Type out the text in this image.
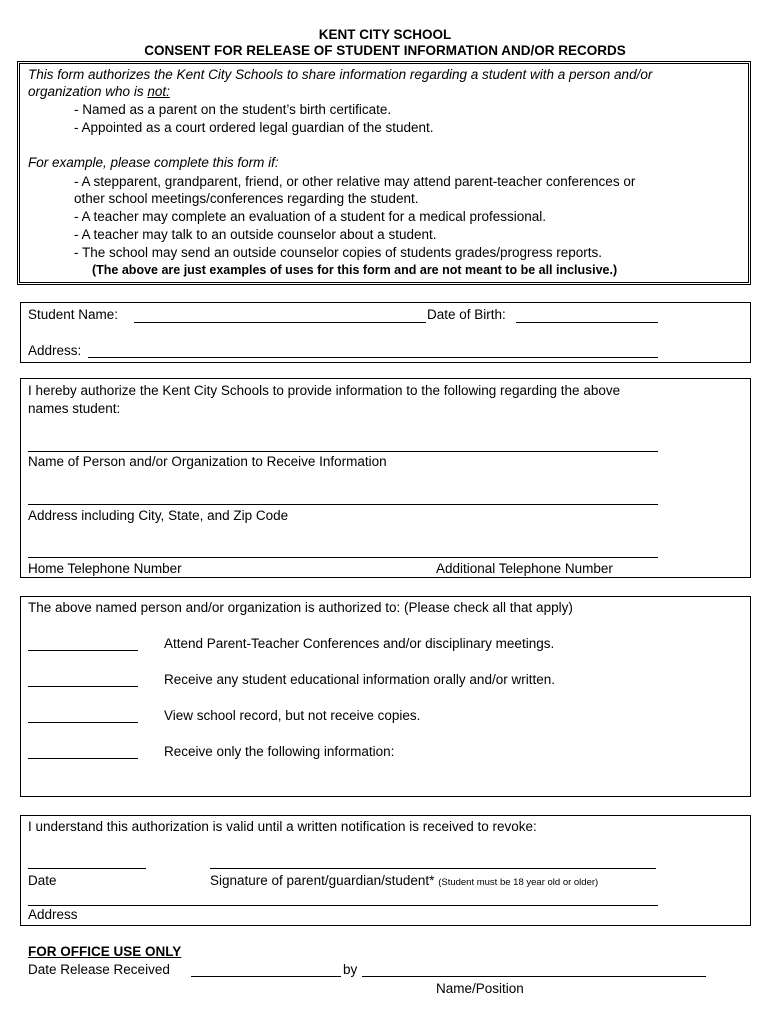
KENT CITY SCHOOL
CONSENT FOR RELEASE OF STUDENT INFORMATION AND/OR RECORDS
This form authorizes the Kent City Schools to share information regarding a student with a person and/or
organization who is not:
- Named as a parent on the student’s birth certificate.
- Appointed as a court ordered legal guardian of the student.
For example, please complete this form if:
- A stepparent, grandparent, friend, or other relative may attend parent-teacher conferences or
other school meetings/conferences regarding the student.
- A teacher may complete an evaluation of a student for a medical professional.
- A teacher may talk to an outside counselor about a student.
- The school may send an outside counselor copies of students grades/progress reports.
(The above are just examples of uses for this form and are not meant to be all inclusive.)
Student Name:	Date of Birth:
Address:
I hereby authorize the Kent City Schools to provide information to the following regarding the above
names student:
Name of Person and/or Organization to Receive Information
Address including City, State, and Zip Code
Home Telephone Number	Additional Telephone Number
The above named person and/or organization is authorized to: (Please check all that apply)
Attend Parent-Teacher Conferences and/or disciplinary meetings.
Receive any student educational information orally and/or written.
View school record, but not receive copies.
Receive only the following information:
I understand this authorization is valid until a written notification is received to revoke:
Date	Signature of parent/guardian/student* (Student must be 18 year old or older)
Address
FOR OFFICE USE ONLY
Date Release Received	by
Name/Position
